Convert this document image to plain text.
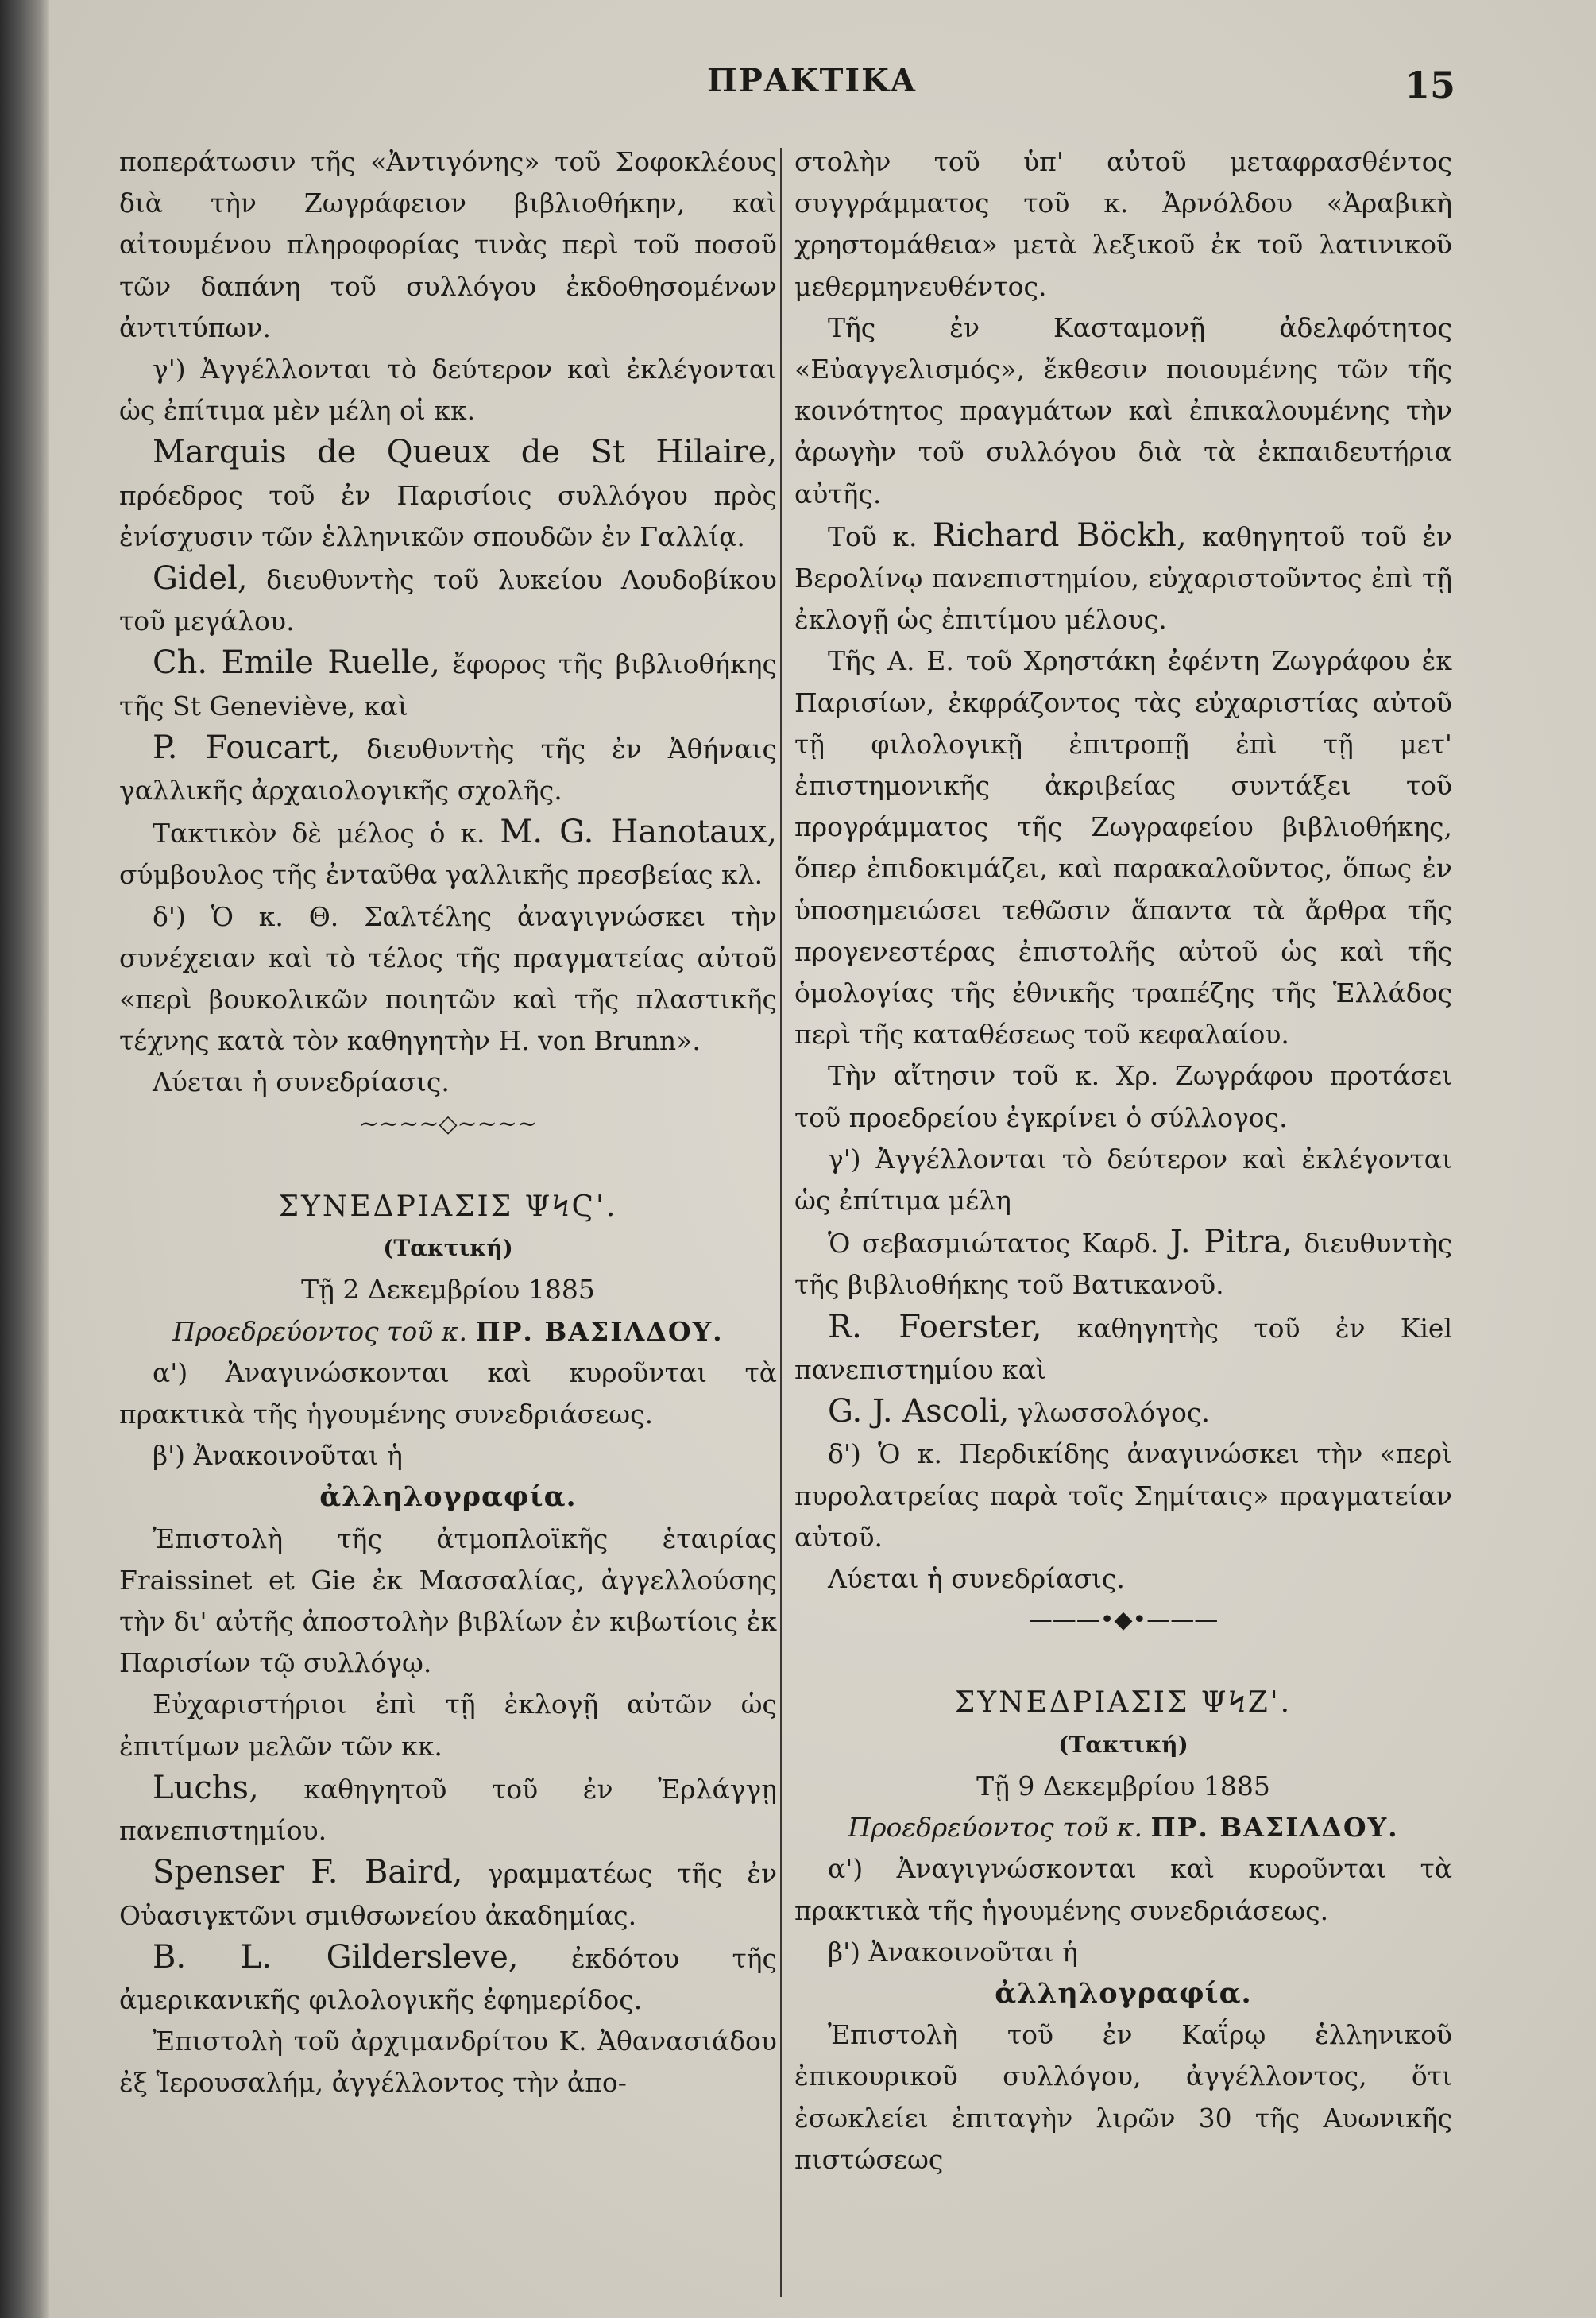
ΠΡΑΚΤΙΚΑ	15

ποπεράτωσιν τῆς «Ἀντιγόνης» τοῦ Σοφοκλέους διὰ τὴν Ζωγράφειον βιβλιοθήκην, καὶ αἰτουμένου πληροφορίας τινὰς περὶ τοῦ ποσοῦ τῶν δαπάνη τοῦ συλλόγου ἐκδοθησομένων ἀντιτύπων.

γ') Ἀγγέλλονται τὸ δεύτερον καὶ ἐκλέγονται ὡς ἐπίτιμα μὲν μέλη οἱ κκ.

Marquis de Queux de St Hilaire, πρόεδρος τοῦ ἐν Παρισίοις συλλόγου πρὸς ἐνίσχυσιν τῶν ἑλληνικῶν σπουδῶν ἐν Γαλλίᾳ.

Gidel, διευθυντὴς τοῦ λυκείου Λουδοβίκου τοῦ μεγάλου.

Ch. Emile Ruelle, ἔφορος τῆς βιβλιοθήκης τῆς St Geneviève, καὶ

P. Foucart, διευθυντὴς τῆς ἐν Ἀθήναις γαλλικῆς ἀρχαιολογικῆς σχολῆς.

Τακτικὸν δὲ μέλος ὁ κ. M. G. Hanotaux, σύμβουλος τῆς ἐνταῦθα γαλλικῆς πρεσβείας κλ.

δ') Ὁ κ. Θ. Σαλτέλης ἀναγιγνώσκει τὴν συνέχειαν καὶ τὸ τέλος τῆς πραγματείας αὐτοῦ «περὶ βουκολικῶν ποιητῶν καὶ τῆς πλαστικῆς τέχνης κατὰ τὸν καθηγητὴν H. von Brunn».

Λύεται ἡ συνεδρίασις.

~~~~◇~~~~

ΣΥΝΕΔΡΙΑΣΙΣ ΨϞϚ'.

(Τακτική)

Τῇ 2 Δεκεμβρίου 1885

Προεδρεύοντος τοῦ κ. ΠΡ. ΒΑΣΙΛΔΟΥ.

α') Ἀναγινώσκονται καὶ κυροῦνται τὰ πρακτικὰ τῆς ἡγουμένης συνεδριάσεως.

β') Ἀνακοινοῦται ἡ

ἀλληλογραφία.

Ἐπιστολὴ τῆς ἀτμοπλοϊκῆς ἑταιρίας Fraissinet et Gie ἐκ Μασσαλίας, ἀγγελλούσης τὴν δι' αὐτῆς ἀποστολὴν βιβλίων ἐν κιβωτίοις ἐκ Παρισίων τῷ συλλόγῳ.

Εὐχαριστήριοι ἐπὶ τῇ ἐκλογῇ αὐτῶν ὡς ἐπιτίμων μελῶν τῶν κκ.

Luchs, καθηγητοῦ τοῦ ἐν Ἐρλάγγῃ πανεπιστημίου.

Spenser F. Baird, γραμματέως τῆς ἐν Οὐασιγκτῶνι σμιθσωνείου ἀκαδημίας.

B. L. Gildersleve, ἐκδότου τῆς ἀμερικανικῆς φιλολογικῆς ἐφημερίδος.

Ἐπιστολὴ τοῦ ἀρχιμανδρίτου Κ. Ἀθανασιάδου ἐξ Ἱερουσαλήμ, ἀγγέλλοντος τὴν ἀπο-

στολὴν τοῦ ὑπ' αὐτοῦ μεταφρασθέντος συγγράμματος τοῦ κ. Ἀρνόλδου «Ἀραβικὴ χρηστομάθεια» μετὰ λεξικοῦ ἐκ τοῦ λατινικοῦ μεθερμηνευθέντος.

Τῆς ἐν Κασταμονῇ ἀδελφότητος «Εὐαγγελισμός», ἔκθεσιν ποιουμένης τῶν τῆς κοινότητος πραγμάτων καὶ ἐπικαλουμένης τὴν ἀρωγὴν τοῦ συλλόγου διὰ τὰ ἐκπαιδευτήρια αὐτῆς.

Τοῦ κ. Richard Böckh, καθηγητοῦ τοῦ ἐν Βερολίνῳ πανεπιστημίου, εὐχαριστοῦντος ἐπὶ τῇ ἐκλογῇ ὡς ἐπιτίμου μέλους.

Τῆς Α. Ε. τοῦ Χρηστάκη ἐφέντη Ζωγράφου ἐκ Παρισίων, ἐκφράζοντος τὰς εὐχαριστίας αὐτοῦ τῇ φιλολογικῇ ἐπιτροπῇ ἐπὶ τῇ μετ' ἐπιστημονικῆς ἀκριβείας συντάξει τοῦ προγράμματος τῆς Ζωγραφείου βιβλιοθήκης, ὅπερ ἐπιδοκιμάζει, καὶ παρακαλοῦντος, ὅπως ἐν ὑποσημειώσει τεθῶσιν ἅπαντα τὰ ἄρθρα τῆς προγενεστέρας ἐπιστολῆς αὐτοῦ ὡς καὶ τῆς ὁμολογίας τῆς ἐθνικῆς τραπέζης τῆς Ἑλλάδος περὶ τῆς καταθέσεως τοῦ κεφαλαίου.

Τὴν αἴτησιν τοῦ κ. Χρ. Ζωγράφου προτάσει τοῦ προεδρείου ἐγκρίνει ὁ σύλλογος.

γ') Ἀγγέλλονται τὸ δεύτερον καὶ ἐκλέγονται ὡς ἐπίτιμα μέλη

Ὁ σεβασμιώτατος Καρδ. J. Pitra, διευθυντὴς τῆς βιβλιοθήκης τοῦ Βατικανοῦ.

R. Foerster, καθηγητὴς τοῦ ἐν Kiel πανεπιστημίου καὶ

G. J. Ascoli, γλωσσολόγος.

δ') Ὁ κ. Περδικίδης ἀναγινώσκει τὴν «περὶ πυρολατρείας παρὰ τοῖς Σημίταις» πραγματείαν αὐτοῦ.

Λύεται ἡ συνεδρίασις.

———•◆•———

ΣΥΝΕΔΡΙΑΣΙΣ ΨϞΖ'.

(Τακτική)

Τῇ 9 Δεκεμβρίου 1885

Προεδρεύοντος τοῦ κ. ΠΡ. ΒΑΣΙΛΔΟΥ.

α') Ἀναγιγνώσκονται καὶ κυροῦνται τὰ πρακτικὰ τῆς ἡγουμένης συνεδριάσεως.

β') Ἀνακοινοῦται ἡ

ἀλληλογραφία.

Ἐπιστολὴ τοῦ ἐν Καΐρῳ ἑλληνικοῦ ἐπικουρικοῦ συλλόγου, ἀγγέλλοντος, ὅτι ἐσωκλείει ἐπιταγὴν λιρῶν 30 τῆς Αυωνικῆς πιστώσεως
